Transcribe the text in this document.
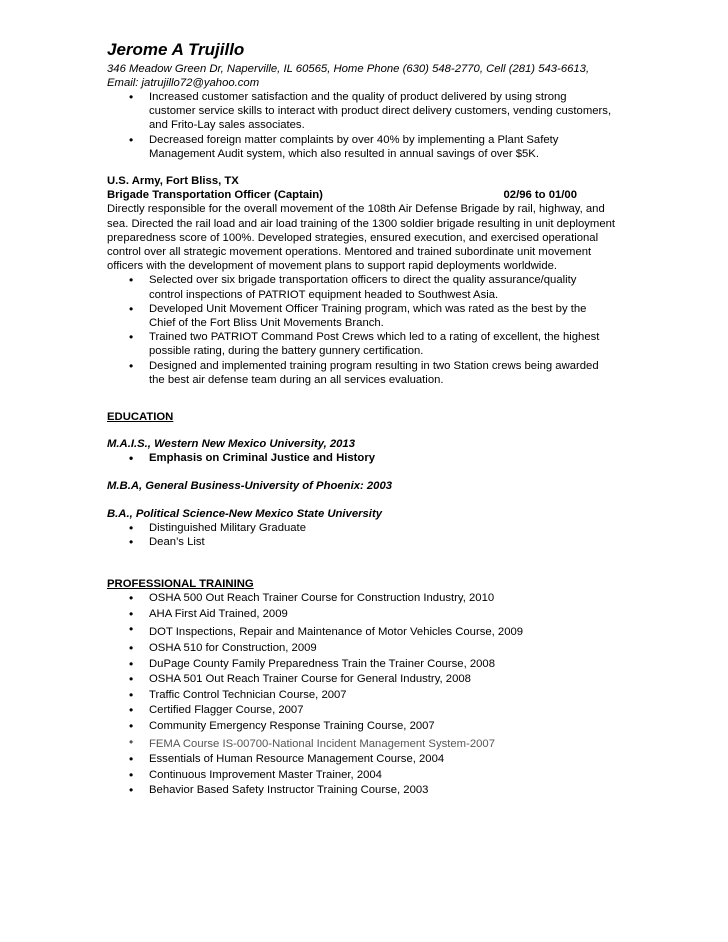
Jerome A Trujillo
346 Meadow Green Dr, Naperville, IL 60565, Home Phone (630) 548-2770, Cell (281) 543-6613,
Email: jatrujillo72@yahoo.com
• Increased customer satisfaction and the quality of product delivered by using strong customer service skills to interact with product direct delivery customers, vending customers, and Frito-Lay sales associates.
• Decreased foreign matter complaints by over 40% by implementing a Plant Safety Management Audit system, which also resulted in annual savings of over $5K.
U.S. Army, Fort Bliss, TX
Brigade Transportation Officer (Captain)	02/96 to 01/00
Directly responsible for the overall movement of the 108th Air Defense Brigade by rail, highway, and sea. Directed the rail load and air load training of the 1300 soldier brigade resulting in unit deployment preparedness score of 100%. Developed strategies, ensured execution, and exercised operational control over all strategic movement operations. Mentored and trained subordinate unit movement officers with the development of movement plans to support rapid deployments worldwide.
• Selected over six brigade transportation officers to direct the quality assurance/quality control inspections of PATRIOT equipment headed to Southwest Asia.
• Developed Unit Movement Officer Training program, which was rated as the best by the Chief of the Fort Bliss Unit Movements Branch.
• Trained two PATRIOT Command Post Crews which led to a rating of excellent, the highest possible rating, during the battery gunnery certification.
• Designed and implemented training program resulting in two Station crews being awarded the best air defense team during an all services evaluation.
EDUCATION
M.A.I.S., Western New Mexico University, 2013
• Emphasis on Criminal Justice and History
M.B.A, General Business-University of Phoenix: 2003
B.A., Political Science-New Mexico State University
• Distinguished Military Graduate
• Dean’s List
PROFESSIONAL TRAINING
• OSHA 500 Out Reach Trainer Course for Construction Industry, 2010
• AHA First Aid Trained, 2009
• DOT Inspections, Repair and Maintenance of Motor Vehicles Course, 2009
• OSHA 510 for Construction, 2009
• DuPage County Family Preparedness Train the Trainer Course, 2008
• OSHA 501 Out Reach Trainer Course for General Industry, 2008
• Traffic Control Technician Course, 2007
• Certified Flagger Course, 2007
• Community Emergency Response Training Course, 2007
• FEMA Course IS-00700-National Incident Management System-2007
• Essentials of Human Resource Management Course, 2004
• Continuous Improvement Master Trainer, 2004
• Behavior Based Safety Instructor Training Course, 2003
